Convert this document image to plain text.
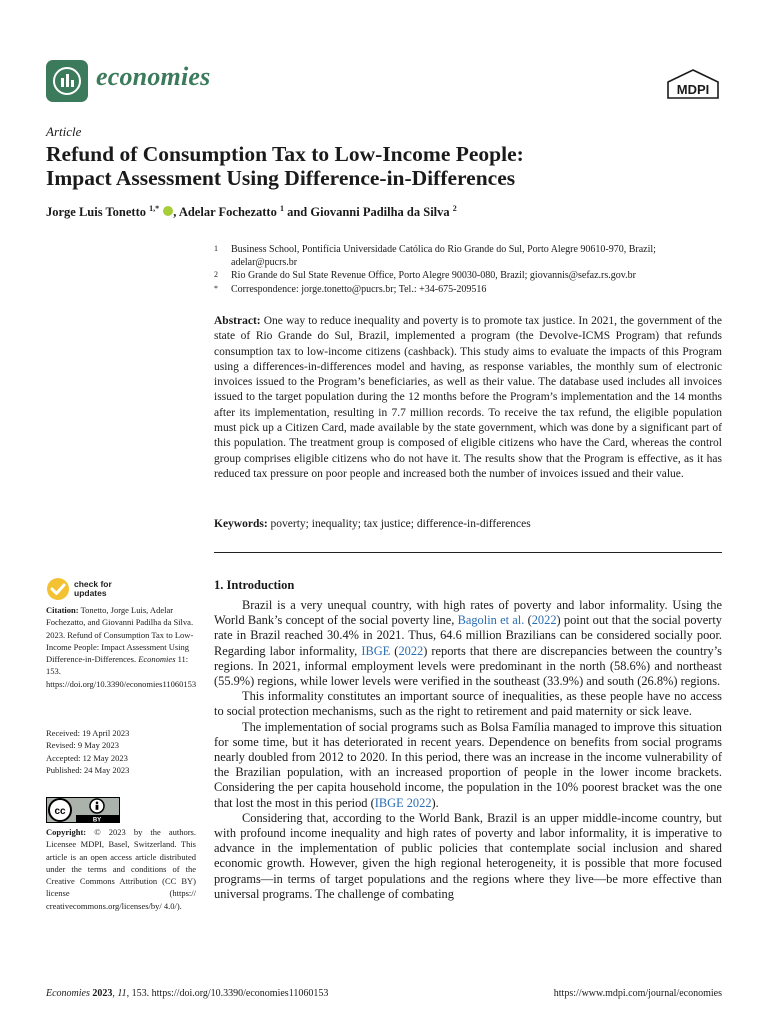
economies	MDPI
Article
Refund of Consumption Tax to Low-Income People:
Impact Assessment Using Difference-in-Differences
Jorge Luis Tonetto $^{1,*}$ , Adelar Fochezatto $^1$ and Giovanni Padilha da Silva $^2$
1	Business School, Pontifícia Universidade Católica do Rio Grande do Sul, Porto Alegre 90610-970, Brazil; adelar@pucrs.br
2	Rio Grande do Sul State Revenue Office, Porto Alegre 90030-080, Brazil; giovannis@sefaz.rs.gov.br
*	Correspondence: jorge.tonetto@pucrs.br; Tel.: +34-675-209516

Abstract: One way to reduce inequality and poverty is to promote tax justice. In 2021, the government of the state of Rio Grande do Sul, Brazil, implemented a program (the Devolve-ICMS Program) that refunds consumption tax to low-income citizens (cashback). This study aims to evaluate the impacts of this Program using a differences-in-differences model and having, as response variables, the monthly sum of electronic invoices issued to the Program’s beneficiaries, as well as their value. The database used includes all invoices issued to the target population during the 12 months before the Program’s implementation and the 14 months after its implementation, resulting in 7.7 million records. To receive the tax refund, the eligible population must pick up a Citizen Card, made available by the state government, which was done by a significant part of this population. The treatment group is composed of eligible citizens who have the Card, whereas the control group comprises eligible citizens who do not have it. The results show that the Program is effective, as it has reduced tax pressure on poor people and increased both the number of invoices issued and their value.

Keywords: poverty; inequality; tax justice; difference-in-differences

check for
updates
Citation: Tonetto, Jorge Luis, Adelar Fochezatto, and Giovanni Padilha da Silva. 2023. Refund of Consumption Tax to Low-Income People: Impact Assessment Using Difference-in-Differences. Economies 11: 153. https://doi.org/10.3390/economies11060153
Received: 19 April 2023
Revised: 9 May 2023
Accepted: 12 May 2023
Published: 24 May 2023
cc
BY
Copyright: © 2023 by the authors. Licensee MDPI, Basel, Switzerland. This article is an open access article distributed under the terms and conditions of the Creative Commons Attribution (CC BY) license (https:// creativecommons.org/licenses/by/ 4.0/).
1. Introduction

Brazil is a very unequal country, with high rates of poverty and labor informality. Using the World Bank’s concept of the social poverty line, Bagolin et al. (2022) point out that the social poverty rate in Brazil reached 30.4% in 2021. Thus, 64.6 million Brazilians can be considered socially poor. Regarding labor informality, IBGE (2022) reports that there are discrepancies between the country’s regions. In 2021, informal employment levels were predominant in the north (58.6%) and northeast (55.9%) regions, while lower levels were verified in the southeast (33.9%) and south (26.8%) regions.

This informality constitutes an important source of inequalities, as these people have no access to social protection mechanisms, such as the right to retirement and paid maternity or sick leave.

The implementation of social programs such as Bolsa Família managed to improve this situation for some time, but it has deteriorated in recent years. Dependence on benefits from social programs nearly doubled from 2012 to 2020. In this period, there was an increase in the income vulnerability of the Brazilian population, with an increased proportion of people in the lower income brackets. Considering the per capita household income, the population in the 10% poorest bracket was the one that lost the most in this period (IBGE 2022).

Considering that, according to the World Bank, Brazil is an upper middle-income country, but with profound income inequality and high rates of poverty and labor informality, it is imperative to advance in the implementation of public policies that contemplate social inclusion and shared economic growth. However, given the high regional heterogeneity, it is possible that more focused programs—in terms of target populations and the regions where they live—be more effective than universal programs. The challenge of combating

Economies 2023, 11, 153. https://doi.org/10.3390/economies11060153	https://www.mdpi.com/journal/economies
